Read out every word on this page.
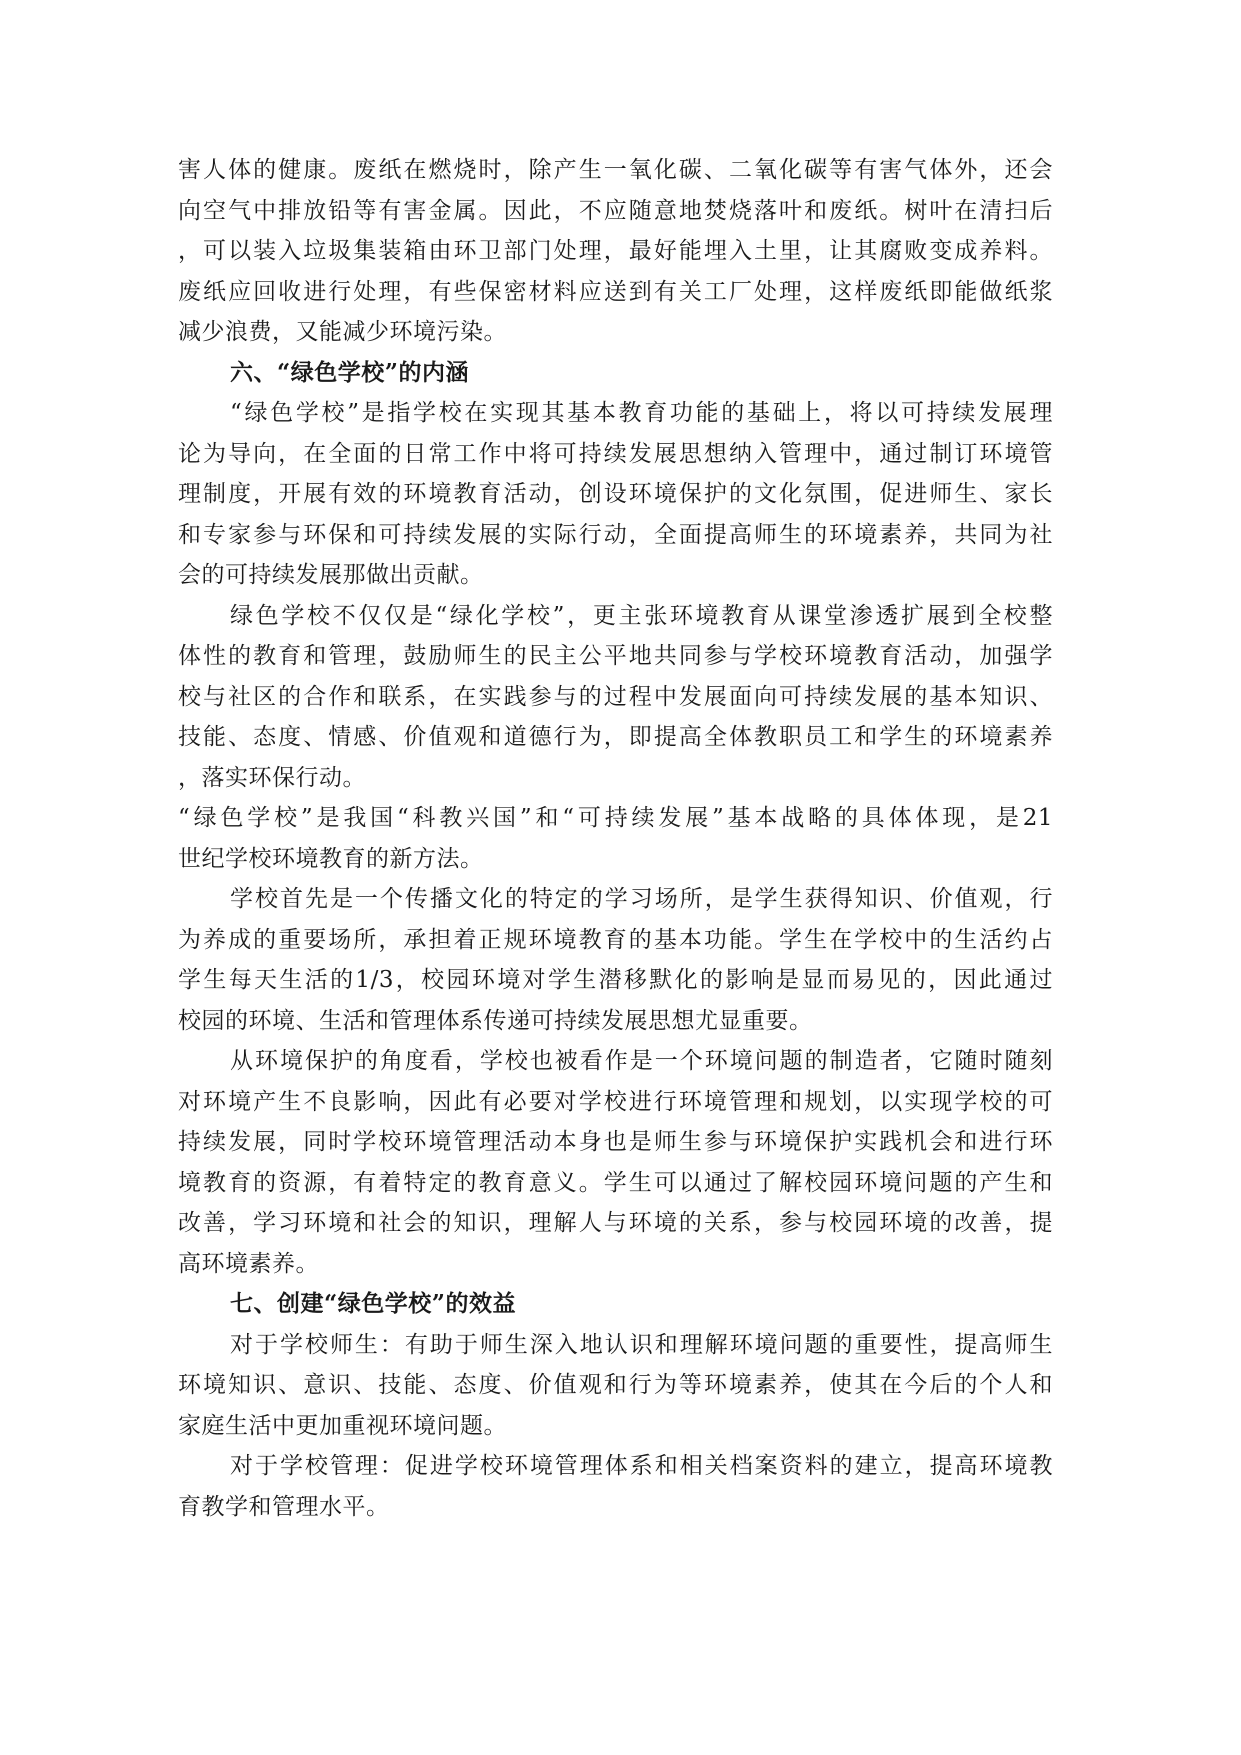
害人体的健康。废纸在燃烧时，除产生一氧化碳、二氧化碳等有害气体外，还会
向空气中排放铅等有害金属。因此，不应随意地焚烧落叶和废纸。树叶在清扫后
，可以装入垃圾集装箱由环卫部门处理，最好能埋入土里，让其腐败变成养料。
废纸应回收进行处理，有些保密材料应送到有关工厂处理，这样废纸即能做纸浆
减少浪费，又能减少环境污染。
六、“绿色学校”的内涵
“绿色学校”是指学校在实现其基本教育功能的基础上，将以可持续发展理
论为导向，在全面的日常工作中将可持续发展思想纳入管理中，通过制订环境管
理制度，开展有效的环境教育活动，创设环境保护的文化氛围，促进师生、家长
和专家参与环保和可持续发展的实际行动，全面提高师生的环境素养，共同为社
会的可持续发展那做出贡献。
绿色学校不仅仅是“绿化学校”，更主张环境教育从课堂渗透扩展到全校整
体性的教育和管理，鼓励师生的民主公平地共同参与学校环境教育活动，加强学
校与社区的合作和联系，在实践参与的过程中发展面向可持续发展的基本知识、
技能、态度、情感、价值观和道德行为，即提高全体教职员工和学生的环境素养
，落实环保行动。
“绿色学校”是我国“科教兴国”和“可持续发展”基本战略的具体体现，是21
世纪学校环境教育的新方法。
学校首先是一个传播文化的特定的学习场所，是学生获得知识、价值观，行
为养成的重要场所，承担着正规环境教育的基本功能。学生在学校中的生活约占
学生每天生活的1/3，校园环境对学生潜移默化的影响是显而易见的，因此通过
校园的环境、生活和管理体系传递可持续发展思想尤显重要。
从环境保护的角度看，学校也被看作是一个环境问题的制造者，它随时随刻
对环境产生不良影响，因此有必要对学校进行环境管理和规划，以实现学校的可
持续发展，同时学校环境管理活动本身也是师生参与环境保护实践机会和进行环
境教育的资源，有着特定的教育意义。学生可以通过了解校园环境问题的产生和
改善，学习环境和社会的知识，理解人与环境的关系，参与校园环境的改善，提
高环境素养。
七、创建“绿色学校”的效益
对于学校师生：有助于师生深入地认识和理解环境问题的重要性，提高师生
环境知识、意识、技能、态度、价值观和行为等环境素养，使其在今后的个人和
家庭生活中更加重视环境问题。
对于学校管理：促进学校环境管理体系和相关档案资料的建立，提高环境教
育教学和管理水平。
